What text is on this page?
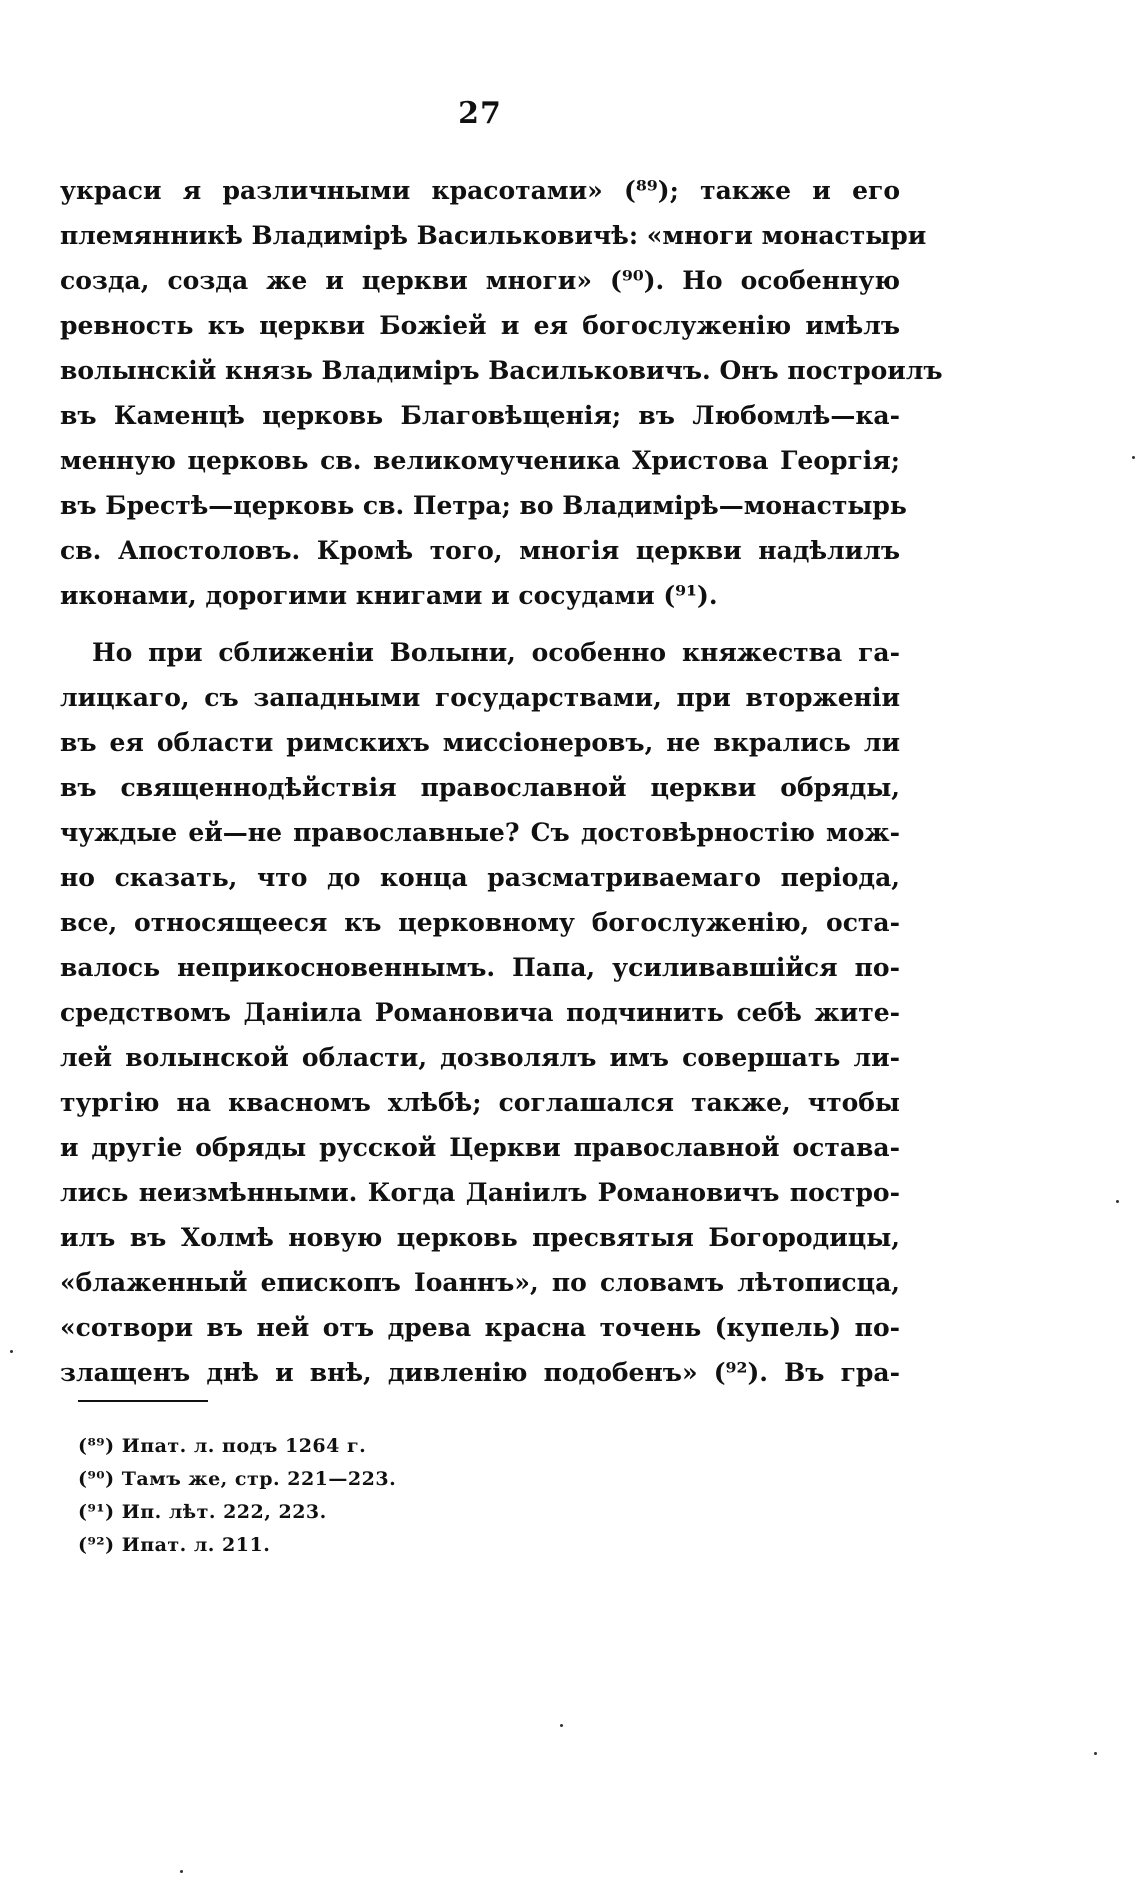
27
украси я различными красотами» (⁸⁹); также и его
племянникѣ Владимірѣ Васильковичѣ: «многи монастыри
созда, созда же и церкви многи» (⁹⁰). Но особенную
ревность къ церкви Божіей и ея богослуженію имѣлъ
волынскій князь Владиміръ Васильковичъ. Онъ построилъ
въ Каменцѣ церковь Благовѣщенія; въ Любомлѣ—ка-
менную церковь св. великомученика Христова Георгія;
въ Брестѣ—церковь св. Петра; во Владимірѣ—монастырь
св. Апостоловъ. Кромѣ того, многія церкви надѣлилъ
иконами, дорогими книгами и сосудами (⁹¹).
Но при сближеніи Волыни, особенно княжества га-
лицкаго, съ западными государствами, при вторженіи
въ ея области римскихъ миссіонеровъ, не вкрались ли
въ священнодѣйствія православной церкви обряды,
чуждые ей—не православные? Съ достовѣрностію мож-
но сказать, что до конца разсматриваемаго періода,
все, относящееся къ церковному богослуженію, оста-
валось неприкосновеннымъ. Папа, усиливавшійся по-
средствомъ Даніила Романовича подчинить себѣ жите-
лей волынской области, дозволялъ имъ совершать ли-
тургію на квасномъ хлѣбѣ; соглашался также, чтобы
и другіе обряды русской Церкви православной остава-
лись неизмѣнными. Когда Даніилъ Романовичъ постро-
илъ въ Холмѣ новую церковь пресвятыя Богородицы,
«блаженный епископъ Іоаннъ», по словамъ лѣтописца,
«сотвори въ ней отъ древа красна точень (купель) по-
злащенъ днѣ и внѣ, дивленію подобенъ» (⁹²). Въ гра-
(⁸⁹) Ипат. л. подъ 1264 г.
(⁹⁰) Тамъ же, стр. 221—223.
(⁹¹) Ип. лѣт. 222, 223.
(⁹²) Ипат. л. 211.
